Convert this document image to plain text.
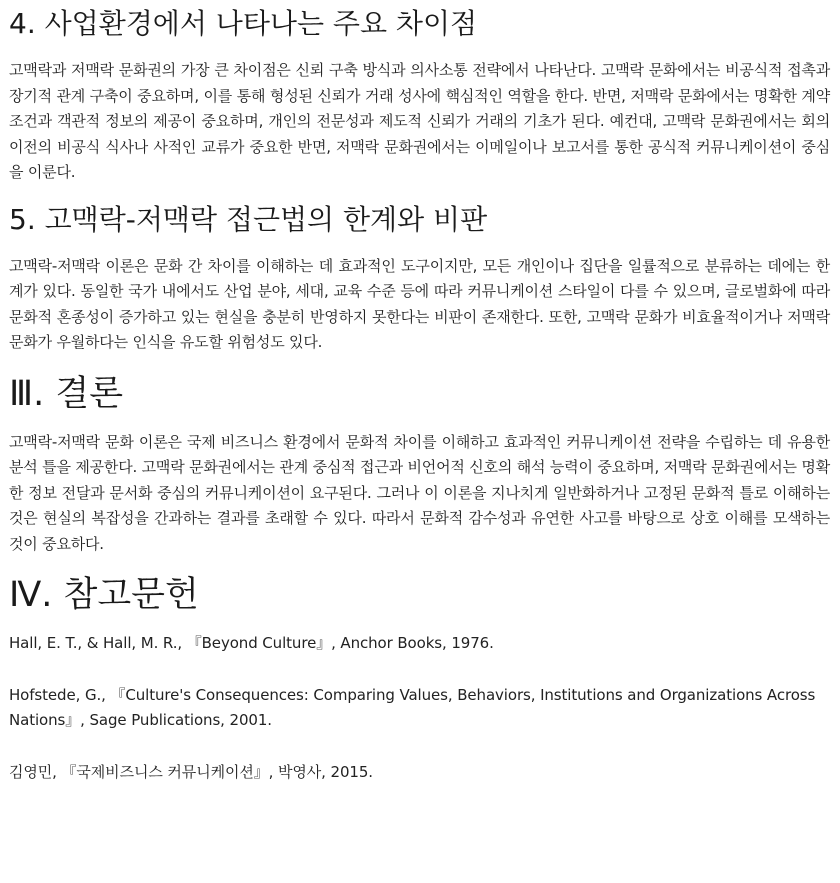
4. 사업환경에서 나타나는 주요 차이점

고맥락과 저맥락 문화권의 가장 큰 차이점은 신뢰 구축 방식과 의사소통 전략에서 나타난다. 고맥락 문화에서는 비공식적 접촉과 장기적 관계 구축이 중요하며, 이를 통해 형성된 신뢰가 거래 성사에 핵심적인 역할을 한다. 반면, 저맥락 문화에서는 명확한 계약 조건과 객관적 정보의 제공이 중요하며, 개인의 전문성과 제도적 신뢰가 거래의 기초가 된다. 예컨대, 고맥락 문화권에서는 회의 이전의 비공식 식사나 사적인 교류가 중요한 반면, 저맥락 문화권에서는 이메일이나 보고서를 통한 공식적 커뮤니케이션이 중심을 이룬다.

5. 고맥락-저맥락 접근법의 한계와 비판

고맥락-저맥락 이론은 문화 간 차이를 이해하는 데 효과적인 도구이지만, 모든 개인이나 집단을 일률적으로 분류하는 데에는 한계가 있다. 동일한 국가 내에서도 산업 분야, 세대, 교육 수준 등에 따라 커뮤니케이션 스타일이 다를 수 있으며, 글로벌화에 따라 문화적 혼종성이 증가하고 있는 현실을 충분히 반영하지 못한다는 비판이 존재한다. 또한, 고맥락 문화가 비효율적이거나 저맥락 문화가 우월하다는 인식을 유도할 위험성도 있다.

Ⅲ. 결론

고맥락-저맥락 문화 이론은 국제 비즈니스 환경에서 문화적 차이를 이해하고 효과적인 커뮤니케이션 전략을 수립하는 데 유용한 분석 틀을 제공한다. 고맥락 문화권에서는 관계 중심적 접근과 비언어적 신호의 해석 능력이 중요하며, 저맥락 문화권에서는 명확한 정보 전달과 문서화 중심의 커뮤니케이션이 요구된다. 그러나 이 이론을 지나치게 일반화하거나 고정된 문화적 틀로 이해하는 것은 현실의 복잡성을 간과하는 결과를 초래할 수 있다. 따라서 문화적 감수성과 유연한 사고를 바탕으로 상호 이해를 모색하는 것이 중요하다.

Ⅳ. 참고문헌

Hall, E. T., & Hall, M. R., 『Beyond Culture』, Anchor Books, 1976.

Hofstede, G., 『Culture's Consequences: Comparing Values, Behaviors, Institutions and Organizations Across Nations』, Sage Publications, 2001.

김영민, 『국제비즈니스 커뮤니케이션』, 박영사, 2015.
